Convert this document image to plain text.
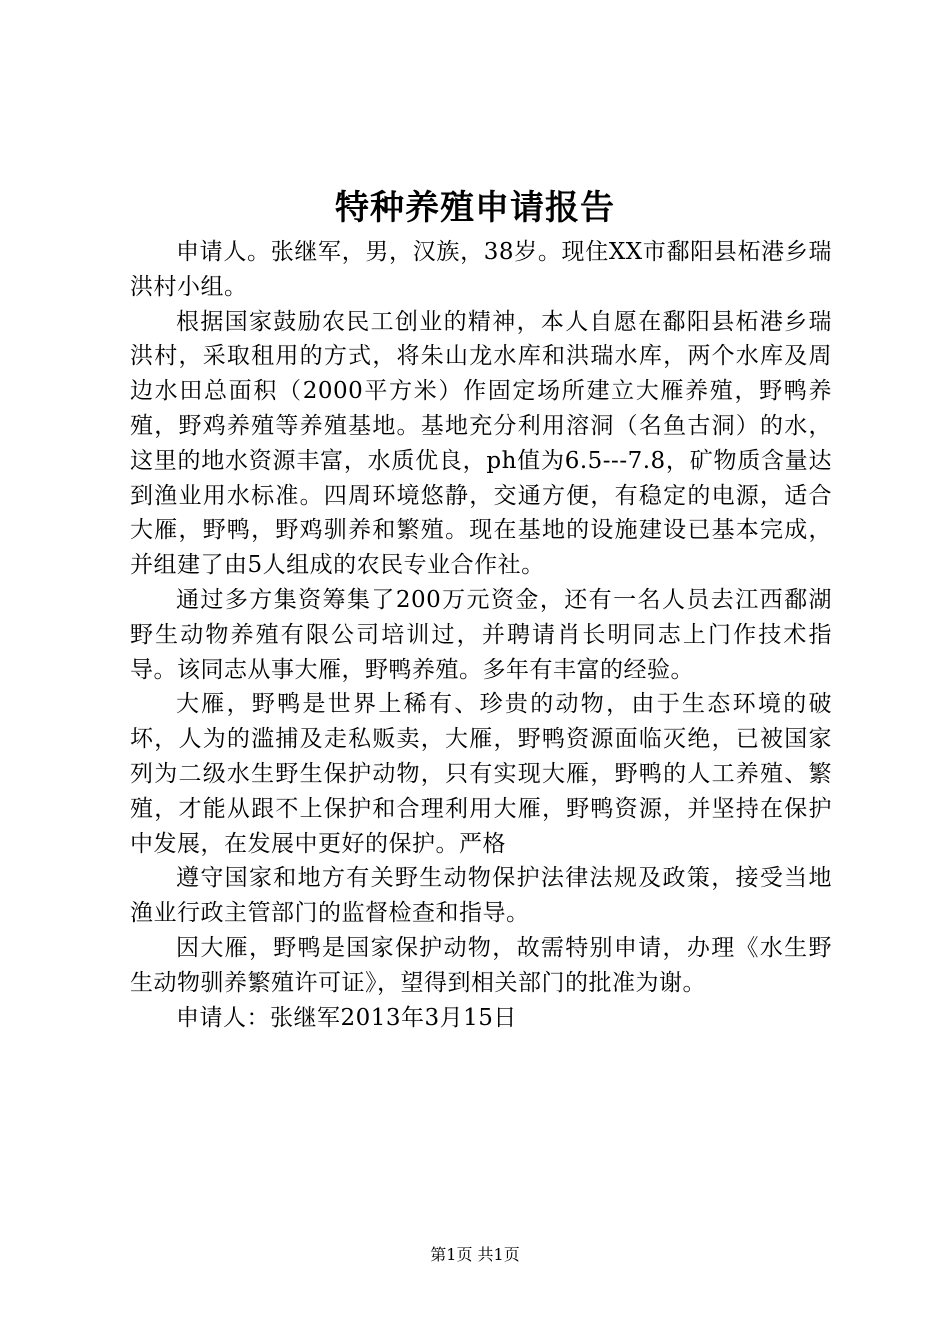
特种养殖申请报告

申请人。张继军，男，汉族，38岁。现住XX市鄱阳县柘港乡瑞洪村小组。

根据国家鼓励农民工创业的精神，本人自愿在鄱阳县柘港乡瑞洪村，采取租用的方式，将朱山龙水库和洪瑞水库，两个水库及周边水田总面积（2000平方米）作固定场所建立大雁养殖，野鸭养殖，野鸡养殖等养殖基地。基地充分利用溶洞（名鱼古洞）的水，这里的地水资源丰富，水质优良，ph值为6.5---7.8，矿物质含量达到渔业用水标准。四周环境悠静，交通方便，有稳定的电源，适合大雁，野鸭，野鸡驯养和繁殖。现在基地的设施建设已基本完成，并组建了由5人组成的农民专业合作社。

通过多方集资筹集了200万元资金，还有一名人员去江西鄱湖野生动物养殖有限公司培训过，并聘请肖长明同志上门作技术指导。该同志从事大雁，野鸭养殖。多年有丰富的经验。

大雁，野鸭是世界上稀有、珍贵的动物，由于生态环境的破坏，人为的滥捕及走私贩卖，大雁，野鸭资源面临灭绝，已被国家列为二级水生野生保护动物，只有实现大雁，野鸭的人工养殖、繁殖，才能从跟不上保护和合理利用大雁，野鸭资源，并坚持在保护中发展，在发展中更好的保护。严格

遵守国家和地方有关野生动物保护法律法规及政策，接受当地渔业行政主管部门的监督检查和指导。

因大雁，野鸭是国家保护动物，故需特别申请，办理《水生野生动物驯养繁殖许可证》，望得到相关部门的批准为谢。

申请人：张继军2013年3月15日

第1页 共1页
